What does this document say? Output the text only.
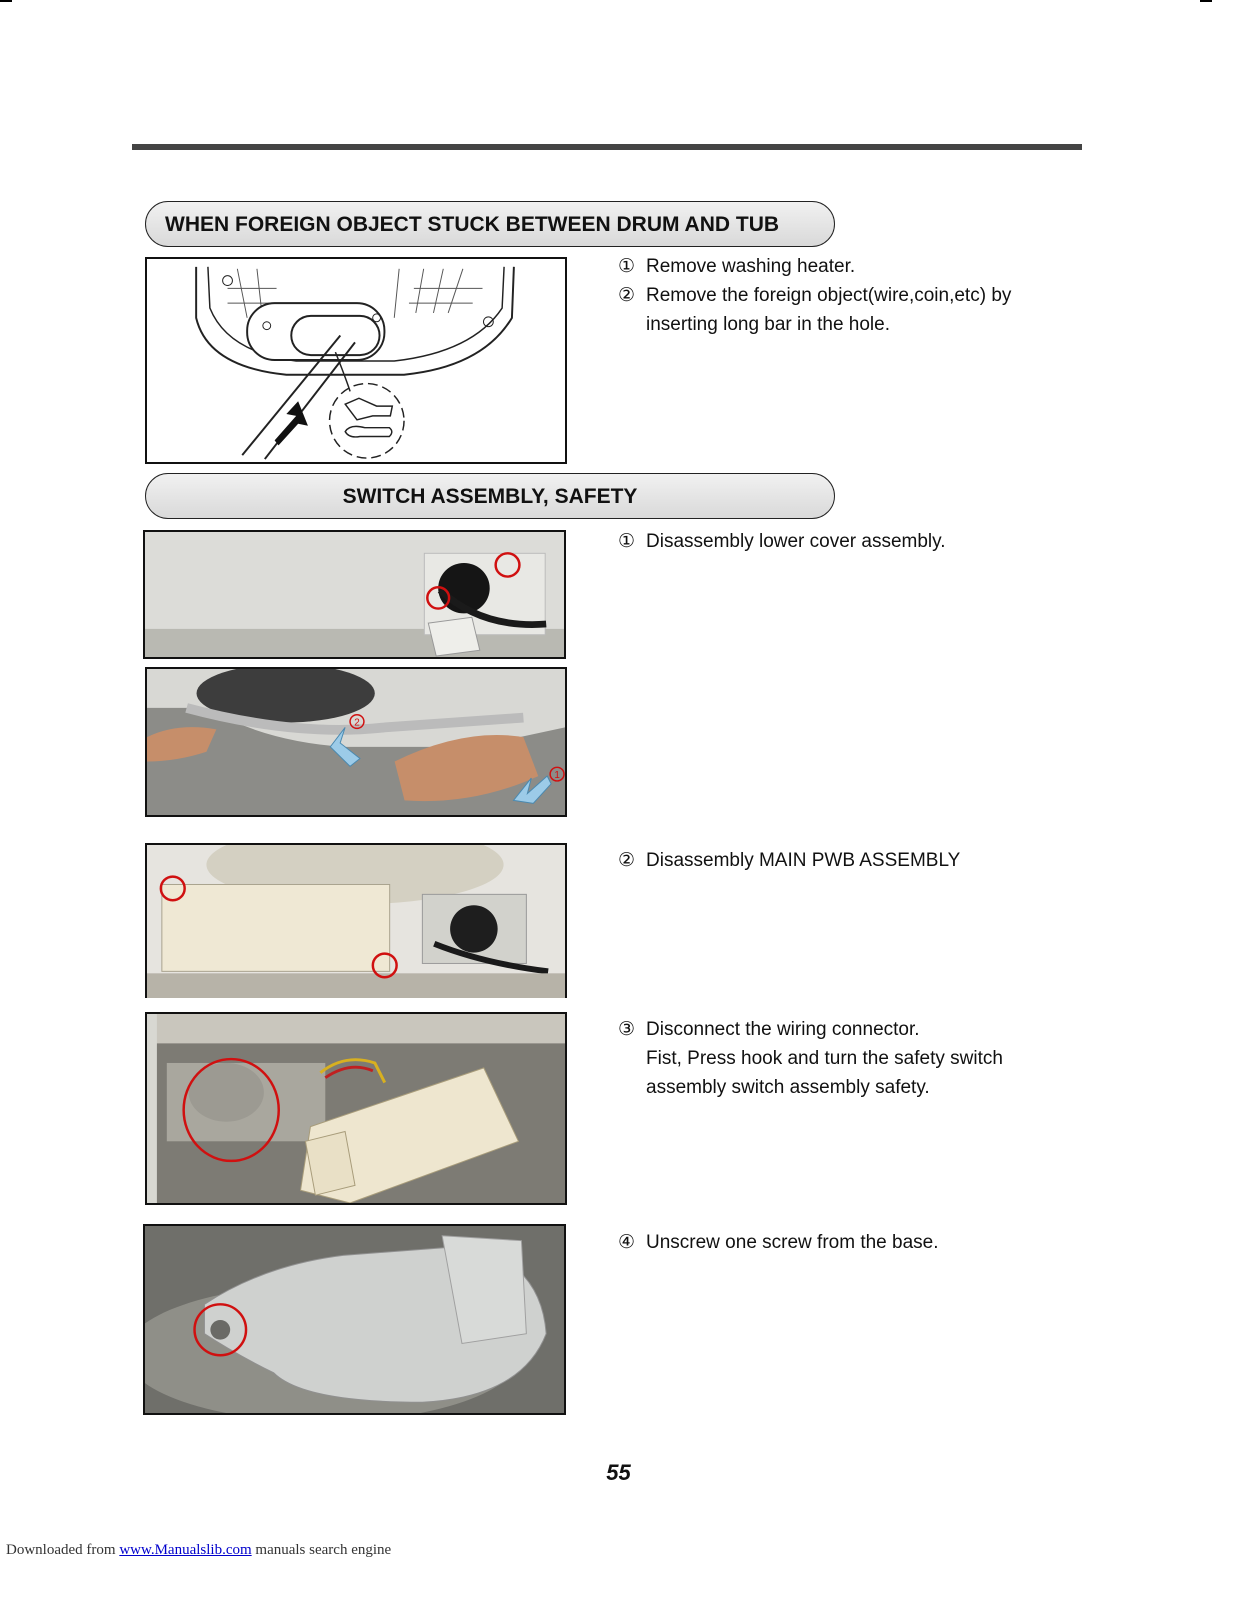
WHEN FOREIGN OBJECT STUCK BETWEEN DRUM AND TUB
① Remove washing heater.
② Remove the foreign object(wire,coin,etc) by
inserting long bar in the hole.
SWITCH ASSEMBLY, SAFETY
2
1
① Disassembly lower cover assembly.
② Disassembly MAIN PWB ASSEMBLY
③ Disconnect the wiring connector.
Fist, Press hook and turn the safety switch
assembly switch assembly safety.
④ Unscrew one screw from the base.
55
Downloaded from www.Manualslib.com manuals search engine
